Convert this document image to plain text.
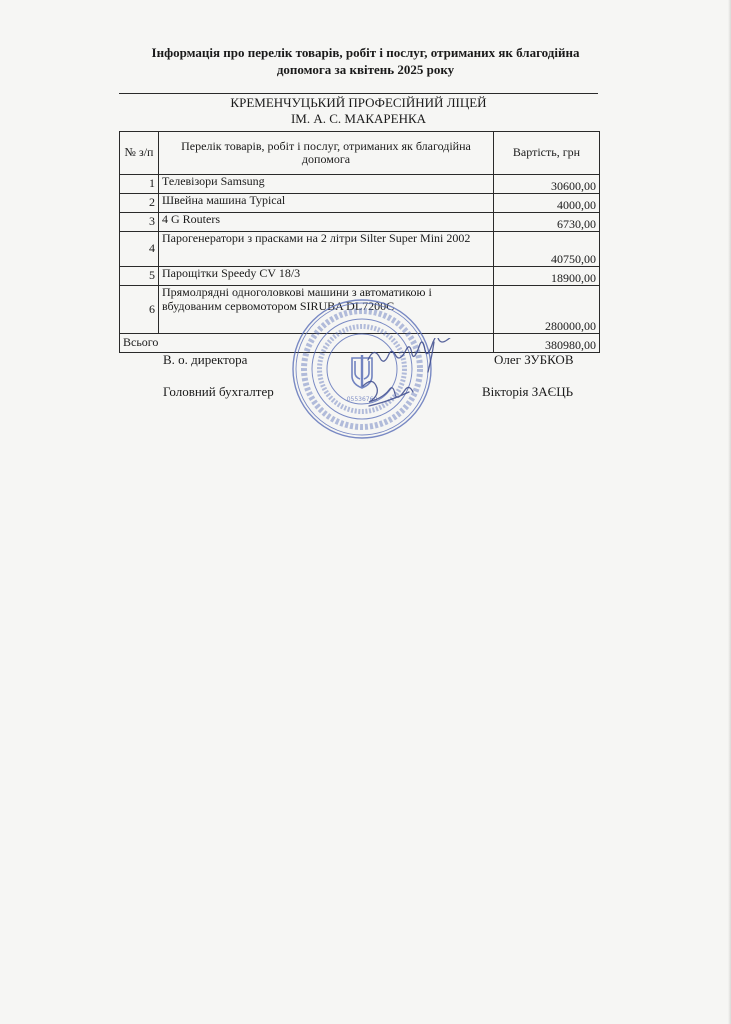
Інформація про перелік товарів, робіт і послуг, отриманих як благодійна
допомога за квітень 2025 року
КРЕМЕНЧУЦЬКИЙ ПРОФЕСІЙНИЙ ЛІЦЕЙ
ІМ. А. С. МАКАРЕНКА
№ з/п	Перелік товарів, робіт і послуг, отриманих як благодійна допомога	Вартість, грн
1	Телевізори Samsung	30600,00
2	Швейна машина Typical	4000,00
3	4 G Routers	6730,00
4	Парогенератори з прасками на 2 літри Silter Super Mini 2002	40750,00
5	Парощітки Speedy CV 18/3	18900,00
6	Прямолрядні одноголовкові машини з автоматикою і вбудованим сервомотором SIRUBA DL7200C	280000,00
Всього		380980,00
В. о. директора	Олег ЗУБКОВ
Головний бухгалтер	Вікторія ЗАЄЦЬ
05536760
